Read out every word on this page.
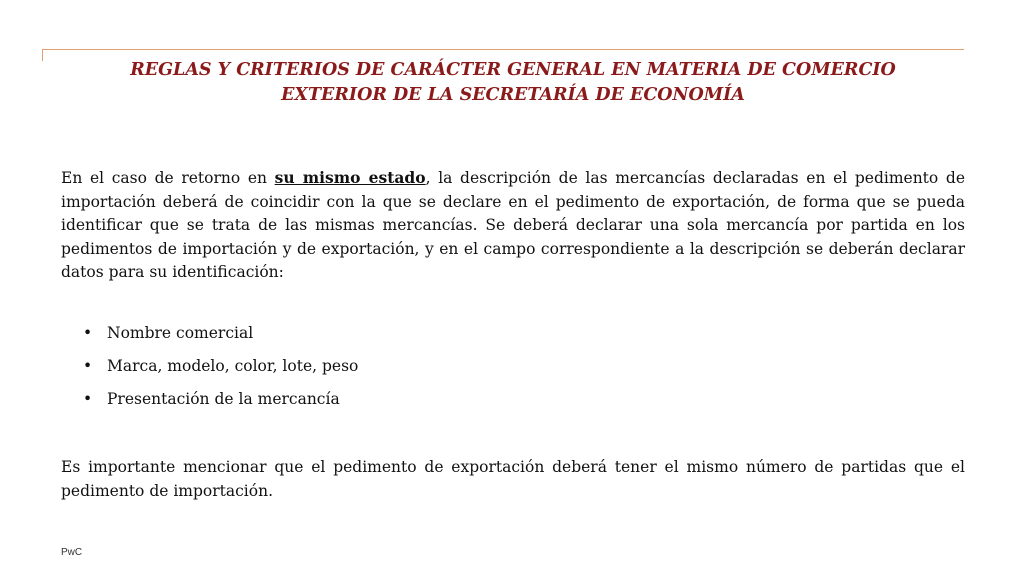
REGLAS Y CRITERIOS DE CARÁCTER GENERAL EN MATERIA DE COMERCIO
EXTERIOR DE LA SECRETARÍA DE ECONOMÍA

En el caso de retorno en su mismo estado, la descripción de las mercancías declaradas en el pedimento de importación deberá de coincidir con la que se declare en el pedimento de exportación, de forma que se pueda identificar que se trata de las mismas mercancías. Se deberá declarar una sola mercancía por partida en los pedimentos de importación y de exportación, y en el campo correspondiente a la descripción se deberán declarar datos para su identificación:

• Nombre comercial
• Marca, modelo, color, lote, peso
• Presentación de la mercancía

Es importante mencionar que el pedimento de exportación deberá tener el mismo número de partidas que el pedimento de importación.

PwC
